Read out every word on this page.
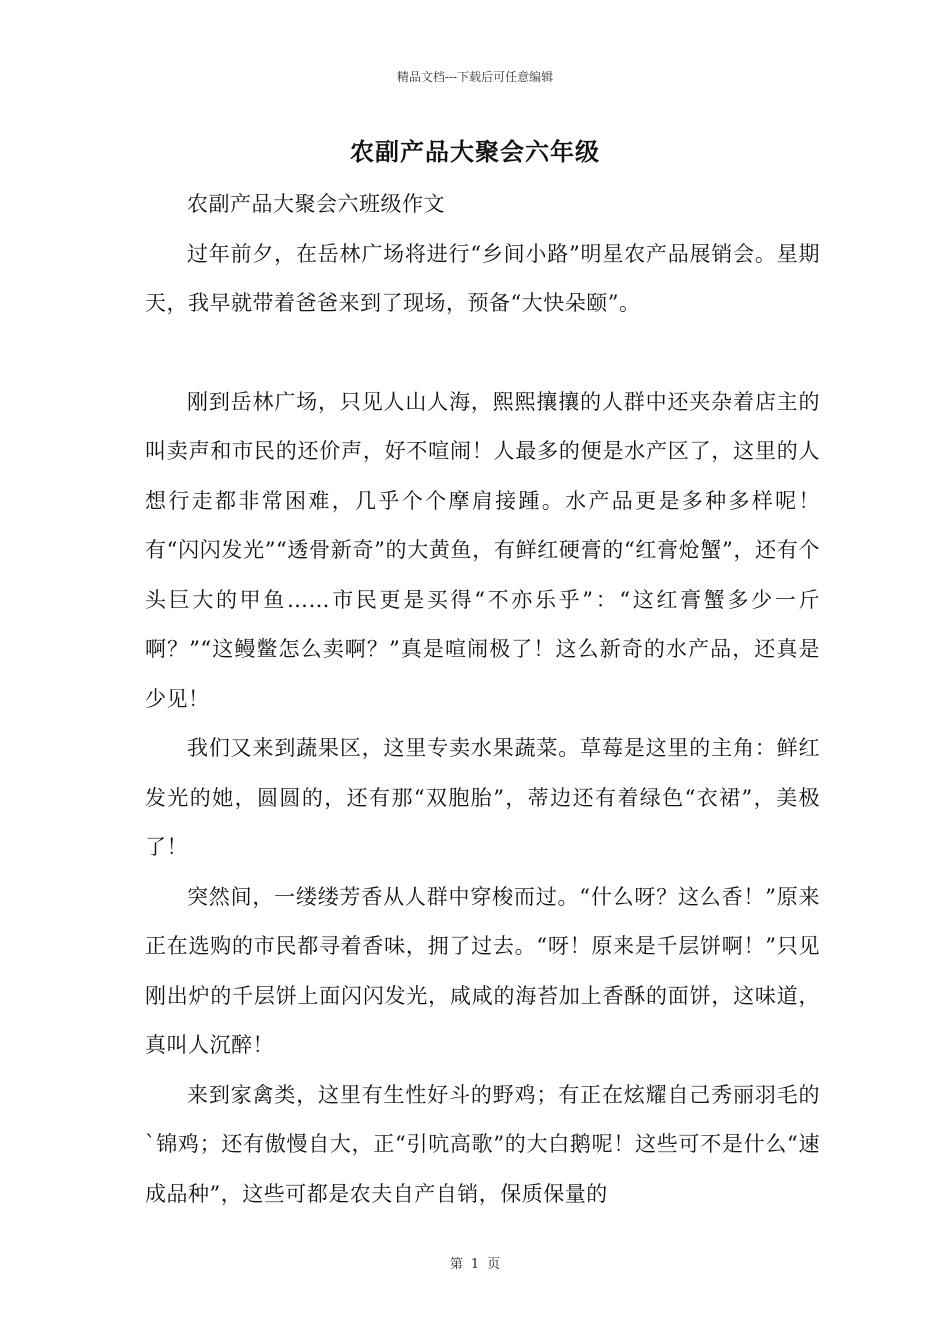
精品文档---下载后可任意编辑
农副产品大聚会六年级

农副产品大聚会六班级作文

过年前夕，在岳林广场将进行“乡间小路”明星农产品展销会。星期天，我早就带着爸爸来到了现场，预备“大快朵颐”。

刚到岳林广场，只见人山人海，熙熙攘攘的人群中还夹杂着店主的叫卖声和市民的还价声，好不喧闹！人最多的便是水产区了，这里的人想行走都非常困难，几乎个个摩肩接踵。水产品更是多种多样呢！有“闪闪发光”“透骨新奇”的大黄鱼，有鲜红硬膏的“红膏炝蟹”，还有个头巨大的甲鱼……市民更是买得“不亦乐乎”：“这红膏蟹多少一斤啊？”“这鳗鳖怎么卖啊？”真是喧闹极了！这么新奇的水产品，还真是少见！

我们又来到蔬果区，这里专卖水果蔬菜。草莓是这里的主角：鲜红发光的她，圆圆的，还有那“双胞胎”，蒂边还有着绿色“衣裙”，美极了！

突然间，一缕缕芳香从人群中穿梭而过。“什么呀？这么香！”原来正在选购的市民都寻着香味，拥了过去。“呀！原来是千层饼啊！”只见刚出炉的千层饼上面闪闪发光，咸咸的海苔加上香酥的面饼，这味道，真叫人沉醉！

来到家禽类，这里有生性好斗的野鸡；有正在炫耀自己秀丽羽毛的`锦鸡；还有傲慢自大，正“引吭高歌”的大白鹅呢！这些可不是什么“速成品种”，这些可都是农夫自产自销，保质保量的

第 1 页
